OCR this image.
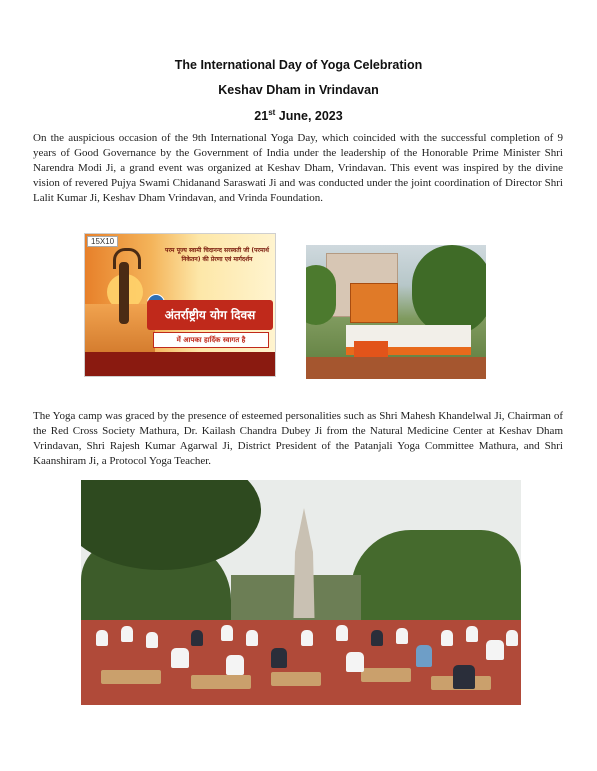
The International Day of Yoga Celebration
Keshav Dham in Vrindavan
21st June, 2023

On the auspicious occasion of the 9th International Yoga Day, which coincided with the successful completion of 9 years of Good Governance by the Government of India under the leadership of the Honorable Prime Minister Shri Narendra Modi Ji, a grand event was organized at Keshav Dham, Vrindavan. This event was inspired by the divine vision of revered Pujya Swami Chidanand Saraswati Ji and was conducted under the joint coordination of Director Shri Lalit Kumar Ji, Keshav Dham Vrindavan, and Vrinda Foundation.

15X10
परम पूज्य स्वामी चिदानन्द सरस्वती जी (परमार्थ निकेतन) की प्रेरणा एवं मार्गदर्शन
अंतर्राष्ट्रीय योग दिवस
में आपका हार्दिक स्वागत है

The Yoga camp was graced by the presence of esteemed personalities such as Shri Mahesh Khandelwal Ji, Chairman of the Red Cross Society Mathura, Dr. Kailash Chandra Dubey Ji from the Natural Medicine Center at Keshav Dham Vrindavan, Shri Rajesh Kumar Agarwal Ji, District President of the Patanjali Yoga Committee Mathura, and Shri Kaanshiram Ji, a Protocol Yoga Teacher.
